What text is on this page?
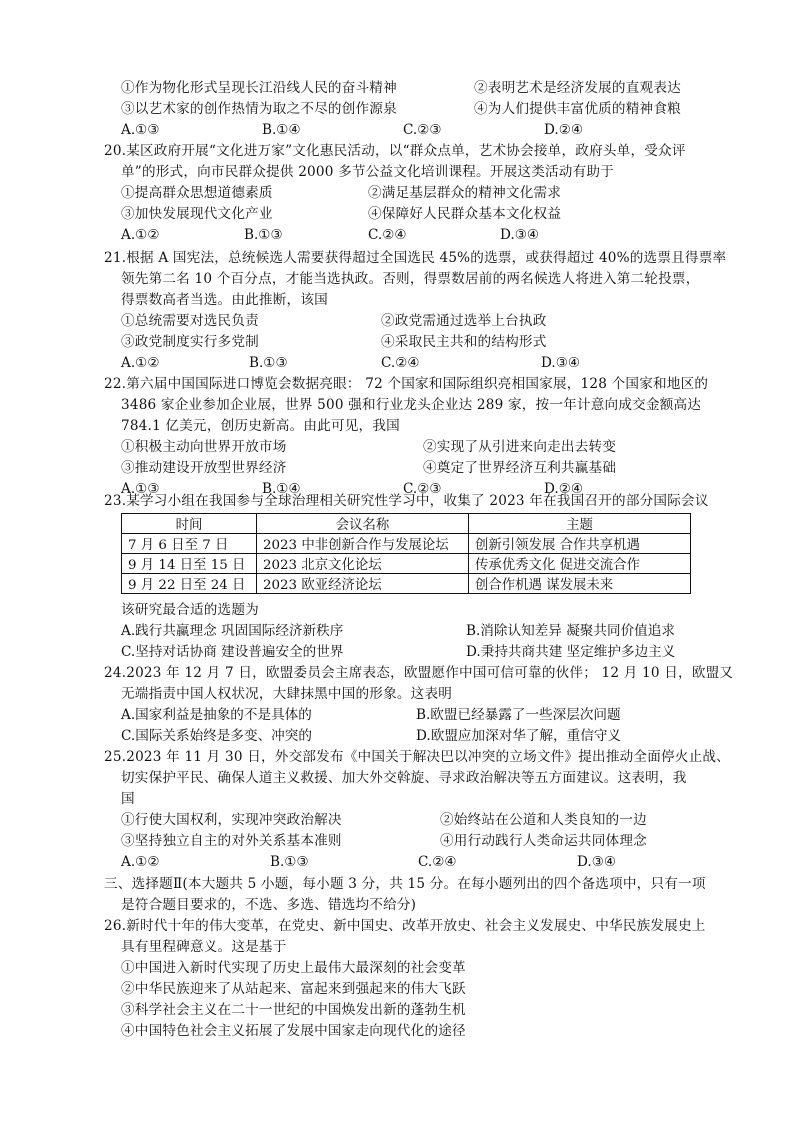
①作为物化形式呈现长江沿线人民的奋斗精神	②表明艺术是经济发展的直观表达
③以艺术家的创作热情为取之不尽的创作源泉	④为人们提供丰富优质的精神食粮
A.①③	B.①④	C.②③	D.②④
20.某区政府开展“文化进万家”文化惠民活动，以“群众点单，艺术协会接单，政府头单，受众评
单”的形式，向市民群众提供 2000 多节公益文化培训课程。开展这类活动有助于
①提高群众思想道德素质	②满足基层群众的精神文化需求
③加快发展现代文化产业	④保障好人民群众基本文化权益
A.①②	B.①③	C.②④	D.③④
21.根据 A 国宪法，总统候选人需要获得超过全国选民 45%的选票，或获得超过 40%的选票且得票率
领先第二名 10 个百分点，才能当选执政。否则，得票数居前的两名候选人将进入第二轮投票，
得票数高者当选。由此推断，该国
①总统需要对选民负责	②政党需通过选举上台执政
③政党制度实行多党制	④采取民主共和的结构形式
A.①②	B.①③	C.②④	D.③④
22.第六届中国国际进口博览会数据亮眼： 72 个国家和国际组织亮相国家展，128 个国家和地区的
3486 家企业参加企业展，世界 500 强和行业龙头企业达 289 家，按一年计意向成交金额高达
784.1 亿美元，创历史新高。由此可见，我国
①积极主动向世界开放市场	②实现了从引进来向走出去转变
③推动建设开放型世界经济	④奠定了世界经济互利共赢基础
A.①③	B.①④	C.②③	D.②④
23.某学习小组在我国参与全球治理相关研究性学习中，收集了 2023 年在我国召开的部分国际会议
时间	会议名称	主题
7 月 6 日至 7 日	2023 中非创新合作与发展论坛	创新引领发展 合作共享机遇
9 月 14 日至 15 日	2023 北京文化论坛	传承优秀文化 促进交流合作
9 月 22 日至 24 日	2023 欧亚经济论坛	创合作机遇 谋发展未来
该研究最合适的选题为
A.践行共赢理念 巩固国际经济新秩序	B.消除认知差异 凝聚共同价值追求
C.坚持对话协商 建设普遍安全的世界	D.秉持共商共建 坚定维护多边主义
24.2023 年 12 月 7 日，欧盟委员会主席表态，欧盟愿作中国可信可靠的伙伴； 12 月 10 日，欧盟又
无端指责中国人权状况，大肆抹黑中国的形象。这表明
A.国家利益是抽象的不是具体的	B.欧盟已经暴露了一些深层次问题
C.国际关系始终是多变、冲突的	D.欧盟应加深对华了解，重信守义
25.2023 年 11 月 30 日，外交部发布《中国关于解决巴以冲突的立场文件》提出推动全面停火止战、
切实保护平民、确保人道主义救援、加大外交斡旋、寻求政治解决等五方面建议。这表明，我
国
①行使大国权利，实现冲突政治解决	②始终站在公道和人类良知的一边
③坚持独立自主的对外关系基本准则	④用行动践行人类命运共同体理念
A.①②	B.①③	C.②④	D.③④
三、选择题Ⅱ(本大题共 5 小题，每小题 3 分，共 15 分。在每小题列出的四个备选项中，只有一项
是符合题目要求的，不选、多选、错选均不给分)
26.新时代十年的伟大变革，在党史、新中国史、改革开放史、社会主义发展史、中华民族发展史上
具有里程碑意义。这是基于
①中国进入新时代实现了历史上最伟大最深刻的社会变革
②中华民族迎来了从站起来、富起来到强起来的伟大飞跃
③科学社会主义在二十一世纪的中国焕发出新的蓬勃生机
④中国特色社会主义拓展了发展中国家走向现代化的途径
